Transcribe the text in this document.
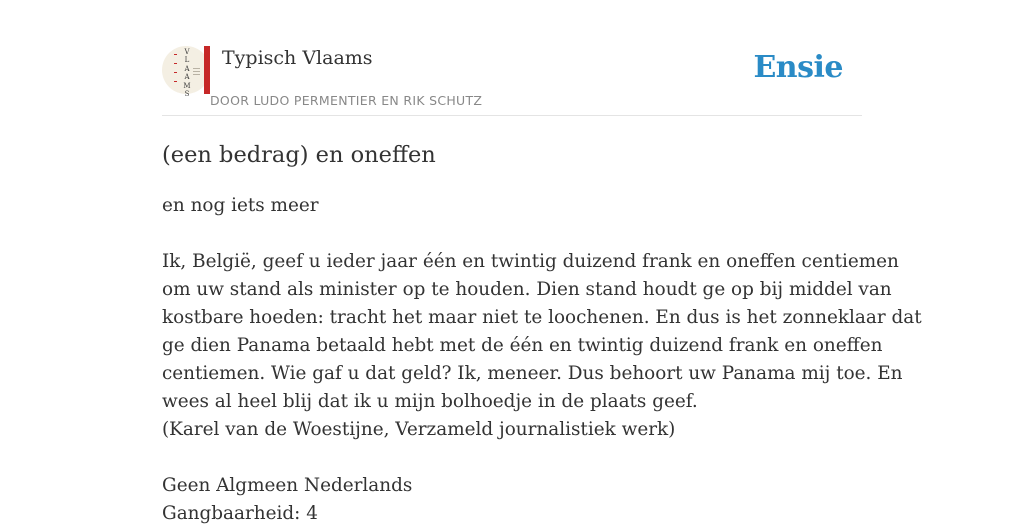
V
L
A
A
M
S
Typisch Vlaams
DOOR LUDO PERMENTIER EN RIK SCHUTZ
Ensie
(een bedrag) en oneffen

en nog iets meer

Ik, België, geef u ieder jaar één en twintig duizend frank en oneffen centiemen

om uw stand als minister op te houden. Dien stand houdt ge op bij middel van

kostbare hoeden: tracht het maar niet te loochenen. En dus is het zonneklaar dat

ge dien Panama betaald hebt met de één en twintig duizend frank en oneffen

centiemen. Wie gaf u dat geld? Ik, meneer. Dus behoort uw Panama mij toe. En

wees al heel blij dat ik u mijn bolhoedje in de plaats geef.

(Karel van de Woestijne, Verzameld journalistiek werk)

Geen Algmeen Nederlands

Gangbaarheid: 4
